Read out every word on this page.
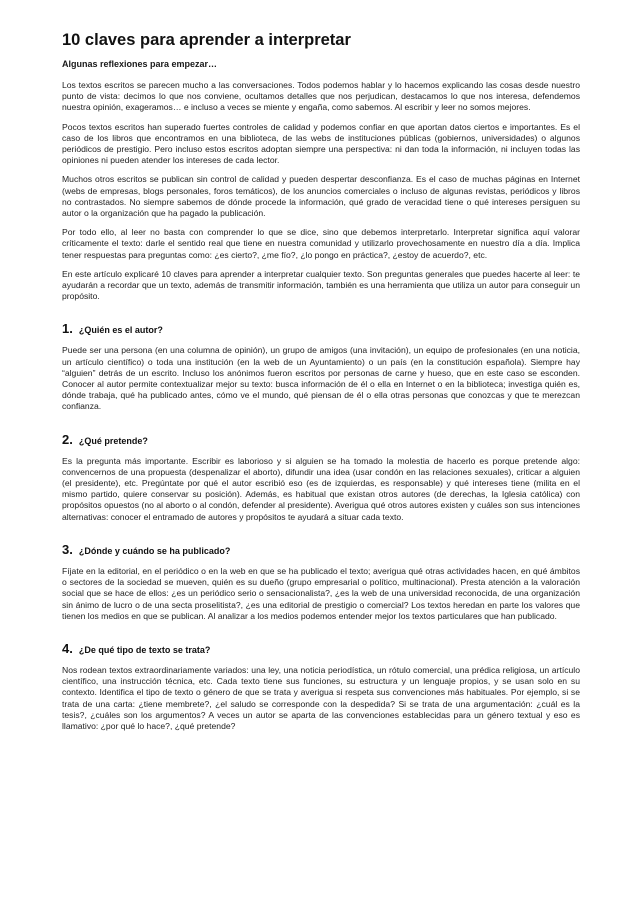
10 claves para aprender a interpretar

Algunas reflexiones para empezar…

Los textos escritos se parecen mucho a las conversaciones. Todos podemos hablar y lo hacemos explicando las cosas desde nuestro punto de vista: decimos lo que nos conviene, ocultamos detalles que nos perjudican, destacamos lo que nos interesa, defendemos nuestra opinión, exageramos… e incluso a veces se miente y engaña, como sabemos. Al escribir y leer no somos mejores.

Pocos textos escritos han superado fuertes controles de calidad y podemos confiar en que aportan datos ciertos e importantes. Es el caso de los libros que encontramos en una biblioteca, de las webs de instituciones públicas (gobiernos, universidades) o algunos periódicos de prestigio. Pero incluso estos escritos adoptan siempre una perspectiva: ni dan toda la información, ni incluyen todas las opiniones ni pueden atender los intereses de cada lector.

Muchos otros escritos se publican sin control de calidad y pueden despertar desconfianza. Es el caso de muchas páginas en Internet (webs de empresas, blogs personales, foros temáticos), de los anuncios comerciales o incluso de algunas revistas, periódicos y libros no contrastados. No siempre sabemos de dónde procede la información, qué grado de veracidad tiene o qué intereses persiguen su autor o la organización que ha pagado la publicación.

Por todo ello, al leer no basta con comprender lo que se dice, sino que debemos interpretarlo. Interpretar significa aquí valorar críticamente el texto: darle el sentido real que tiene en nuestra comunidad y utilizarlo provechosamente en nuestro día a día. Implica tener respuestas para preguntas como: ¿es cierto?, ¿me fío?, ¿lo pongo en práctica?, ¿estoy de acuerdo?, etc.

En este artículo explicaré 10 claves para aprender a interpretar cualquier texto. Son preguntas generales que puedes hacerte al leer: te ayudarán a recordar que un texto, además de transmitir información, también es una herramienta que utiliza un autor para conseguir un propósito.

1. ¿Quién es el autor?

Puede ser una persona (en una columna de opinión), un grupo de amigos (una invitación), un equipo de profesionales (en una noticia, un artículo científico) o toda una institución (en la web de un Ayuntamiento) o un país (en la constitución española). Siempre hay “alguien” detrás de un escrito. Incluso los anónimos fueron escritos por personas de carne y hueso, que en este caso se esconden. Conocer al autor permite contextualizar mejor su texto: busca información de él o ella en Internet o en la biblioteca; investiga quién es, dónde trabaja, qué ha publicado antes, cómo ve el mundo, qué piensan de él o ella otras personas que conozcas y que te merezcan confianza.

2. ¿Qué pretende?

Es la pregunta más importante. Escribir es laborioso y si alguien se ha tomado la molestia de hacerlo es porque pretende algo: convencernos de una propuesta (despenalizar el aborto), difundir una idea (usar condón en las relaciones sexuales), criticar a alguien (el presidente), etc. Pregúntate por qué el autor escribió eso (es de izquierdas, es responsable) y qué intereses tiene (milita en el mismo partido, quiere conservar su posición). Además, es habitual que existan otros autores (de derechas, la Iglesia católica) con propósitos opuestos (no al aborto o al condón, defender al presidente). Averigua qué otros autores existen y cuáles son sus intenciones alternativas: conocer el entramado de autores y propósitos te ayudará a situar cada texto.

3. ¿Dónde y cuándo se ha publicado?

Fíjate en la editorial, en el periódico o en la web en que se ha publicado el texto; averigua qué otras actividades hacen, en qué ámbitos o sectores de la sociedad se mueven, quién es su dueño (grupo empresarial o político, multinacional). Presta atención a la valoración social que se hace de ellos: ¿es un periódico serio o sensacionalista?, ¿es la web de una universidad reconocida, de una organización sin ánimo de lucro o de una secta proselitista?, ¿es una editorial de prestigio o comercial? Los textos heredan en parte los valores que tienen los medios en que se publican. Al analizar a los medios podemos entender mejor los textos particulares que han publicado.

4. ¿De qué tipo de texto se trata?

Nos rodean textos extraordinariamente variados: una ley, una noticia periodística, un rótulo comercial, una prédica religiosa, un artículo científico, una instrucción técnica, etc. Cada texto tiene sus funciones, su estructura y un lenguaje propios, y se usan solo en su contexto. Identifica el tipo de texto o género de que se trata y averigua si respeta sus convenciones más habituales. Por ejemplo, si se trata de una carta: ¿tiene membrete?, ¿el saludo se corresponde con la despedida? Si se trata de una argumentación: ¿cuál es la tesis?, ¿cuáles son los argumentos? A veces un autor se aparta de las convenciones establecidas para un género textual y eso es llamativo: ¿por qué lo hace?, ¿qué pretende?
